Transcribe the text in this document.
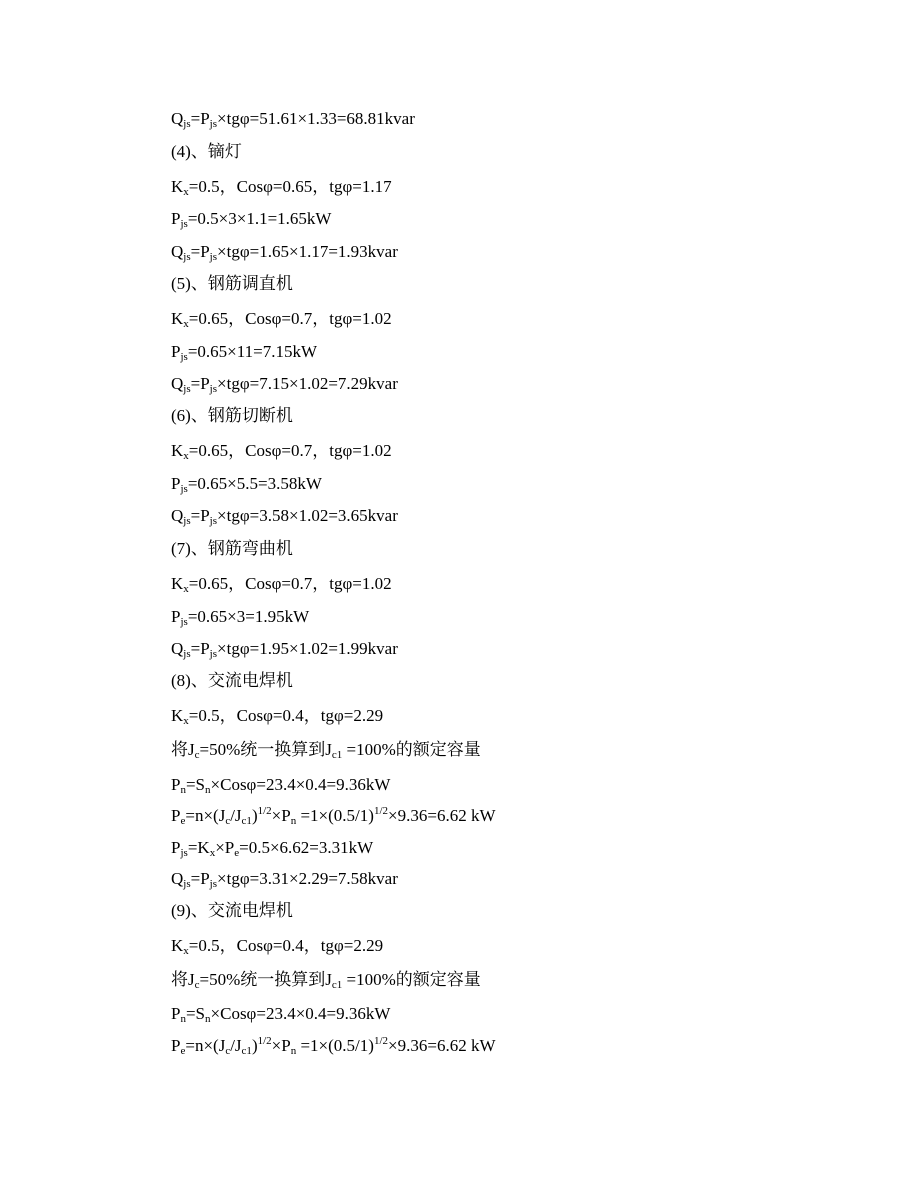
$Q_{js}=P_{js}\times tg\varphi=51.61\times 1.33=68.81kvar$
(4)、镝灯
$K_x=0.5$，Cosφ=0.65，tgφ=1.17
$P_{js}=0.5\times 3\times 1.1=1.65kW$
$Q_{js}=P_{js}\times tg\varphi=1.65\times 1.17=1.93kvar$
(5)、钢筋调直机
$K_x=0.65$，Cosφ=0.7，tgφ=1.02
$P_{js}=0.65\times 11=7.15kW$
$Q_{js}=P_{js}\times tg\varphi=7.15\times 1.02=7.29kvar$
(6)、钢筋切断机
$K_x=0.65$，Cosφ=0.7，tgφ=1.02
$P_{js}=0.65\times 5.5=3.58kW$
$Q_{js}=P_{js}\times tg\varphi=3.58\times 1.02=3.65kvar$
(7)、钢筋弯曲机
$K_x=0.65$，Cosφ=0.7，tgφ=1.02
$P_{js}=0.65\times 3=1.95kW$
$Q_{js}=P_{js}\times tg\varphi=1.95\times 1.02=1.99kvar$
(8)、交流电焊机
$K_x=0.5$，Cosφ=0.4，tgφ=2.29
将$J_c=50\%$统一换算到$J_{c1} =100\%$的额定容量
$P_n=S_n\times Cos\varphi=23.4\times 0.4=9.36kW$
$P_e=n\times(J_c/J_{c1})^{1/2}\times P_n =1\times(0.5/1)^{1/2}\times 9.36=6.62$ kW
$P_{js}=K_x\times P_e=0.5\times 6.62=3.31kW$
$Q_{js}=P_{js}\times tg\varphi=3.31\times 2.29=7.58kvar$
(9)、交流电焊机
$K_x=0.5$，Cosφ=0.4，tgφ=2.29
将$J_c=50\%$统一换算到$J_{c1} =100\%$的额定容量
$P_n=S_n\times Cos\varphi=23.4\times 0.4=9.36kW$
$P_e=n\times(J_c/J_{c1})^{1/2}\times P_n =1\times(0.5/1)^{1/2}\times 9.36=6.62$ kW
